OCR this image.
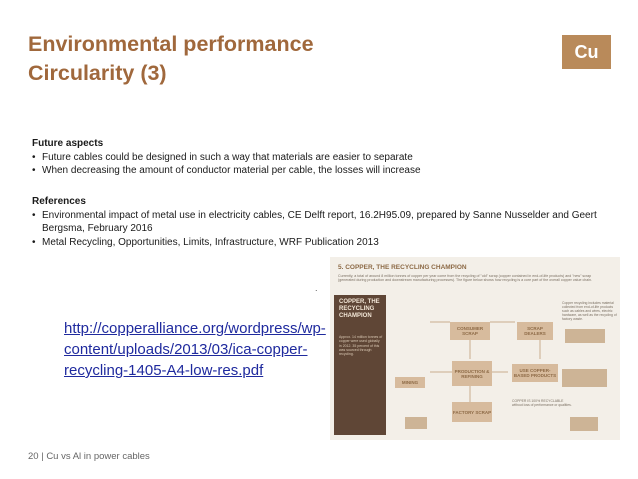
Environmental performance
Circularity (3)
Cu
Future aspects
• Future cables could be designed in such a way that materials are easier to separate
• When decreasing the amount of conductor material per cable, the losses will increase
References
• Environmental impact of metal use in electricity cables, CE Delft report, 16.2H95.09, prepared by Sanne Nusselder and Geert Bergsma, February 2016
• Metal Recycling, Opportunities, Limits, Infrastructure, WRF Publication 2013
http://copperalliance.org/wordpress/wp-
content/uploads/2013/03/ica-copper-
recycling-1405-A4-low-res.pdf
.
5. COPPER, THE RECYCLING CHAMPION
Currently, a total of around 8 million tonnes of copper per year come from the recycling of "old" scrap (copper contained in end-of-life products) and "new" scrap (generated during production and downstream manufacturing processes). The figure below shows how recycling is a core part of the overall copper value chain.
COPPER, THE RECYCLING CHAMPION
Approx. 14 million tonnes of copper were used globally in 2012. 35 percent of this was sourced through recycling.
CONSUMER SCRAP
SCRAP DEALERS
MINING
PRODUCTION & REFINING
USE COPPER-BASED PRODUCTS
FACTORY SCRAP
Copper recycling includes material collected from end-of-life products such as cables and wires, electric hardware, as well as the recycling of factory waste.
COPPER IS 100% RECYCLABLE without loss of performance or qualities.
20 | Cu vs Al in power cables
